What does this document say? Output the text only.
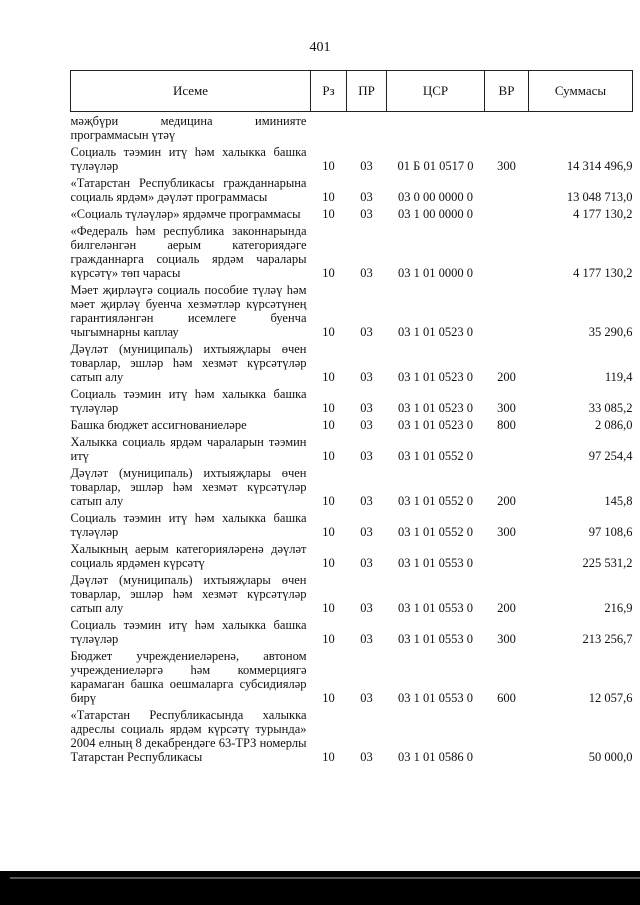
401
Исеме	Рз	ПР	ЦСР	ВР	Суммасы
мәҗбүри медицина иминияте программасын үтәү					
Социаль тәэмин итү һәм халыкка башка түләүләр	10	03	01 Б 01 0517 0	300	14 314 496,9
«Татарстан Республикасы гражданнарына социаль ярдәм» дәүләт программасы	10	03	03 0 00 0000 0		13 048 713,0
«Социаль түләүләр» ярдәмче программасы	10	03	03 1 00 0000 0		4 177 130,2
«Федераль һәм республика законнарында билгеләнгән аерым категориядәге гражданнарга социаль ярдәм чаралары күрсәтү» төп чарасы	10	03	03 1 01 0000 0		4 177 130,2
Мәет җирләүгә социаль пособие түләү һәм мәет җирләү буенча хезмәтләр күрсәтүнең гарантияләнгән исемлеге буенча чыгымнарны каплау	10	03	03 1 01 0523 0		35 290,6
Дәүләт (муниципаль) ихтыяҗлары өчен товарлар, эшләр һәм хезмәт күрсәтүләр сатып алу	10	03	03 1 01 0523 0	200	119,4
Социаль тәэмин итү һәм халыкка башка түләүләр	10	03	03 1 01 0523 0	300	33 085,2
Башка бюджет ассигнованиеләре	10	03	03 1 01 0523 0	800	2 086,0
Халыкка социаль ярдәм чараларын тәэмин итү	10	03	03 1 01 0552 0		97 254,4
Дәүләт (муниципаль) ихтыяҗлары өчен товарлар, эшләр һәм хезмәт күрсәтүләр сатып алу	10	03	03 1 01 0552 0	200	145,8
Социаль тәэмин итү һәм халыкка башка түләүләр	10	03	03 1 01 0552 0	300	97 108,6
Халыкның аерым категорияләренә дәүләт социаль ярдәмен күрсәтү	10	03	03 1 01 0553 0		225 531,2
Дәүләт (муниципаль) ихтыяҗлары өчен товарлар, эшләр һәм хезмәт күрсәтүләр сатып алу	10	03	03 1 01 0553 0	200	216,9
Социаль тәэмин итү һәм халыкка башка түләүләр	10	03	03 1 01 0553 0	300	213 256,7
Бюджет учреждениеләренә, автоном учреждениеләргә һәм коммерциягә карамаган башка оешмаларга субсидияләр бирү	10	03	03 1 01 0553 0	600	12 057,6
«Татарстан Республикасында халыкка адреслы социаль ярдәм күрсәтү турында» 2004 елның 8 декабрендәге 63-ТРЗ номерлы Татарстан Республикасы	10	03	03 1 01 0586 0		50 000,0
